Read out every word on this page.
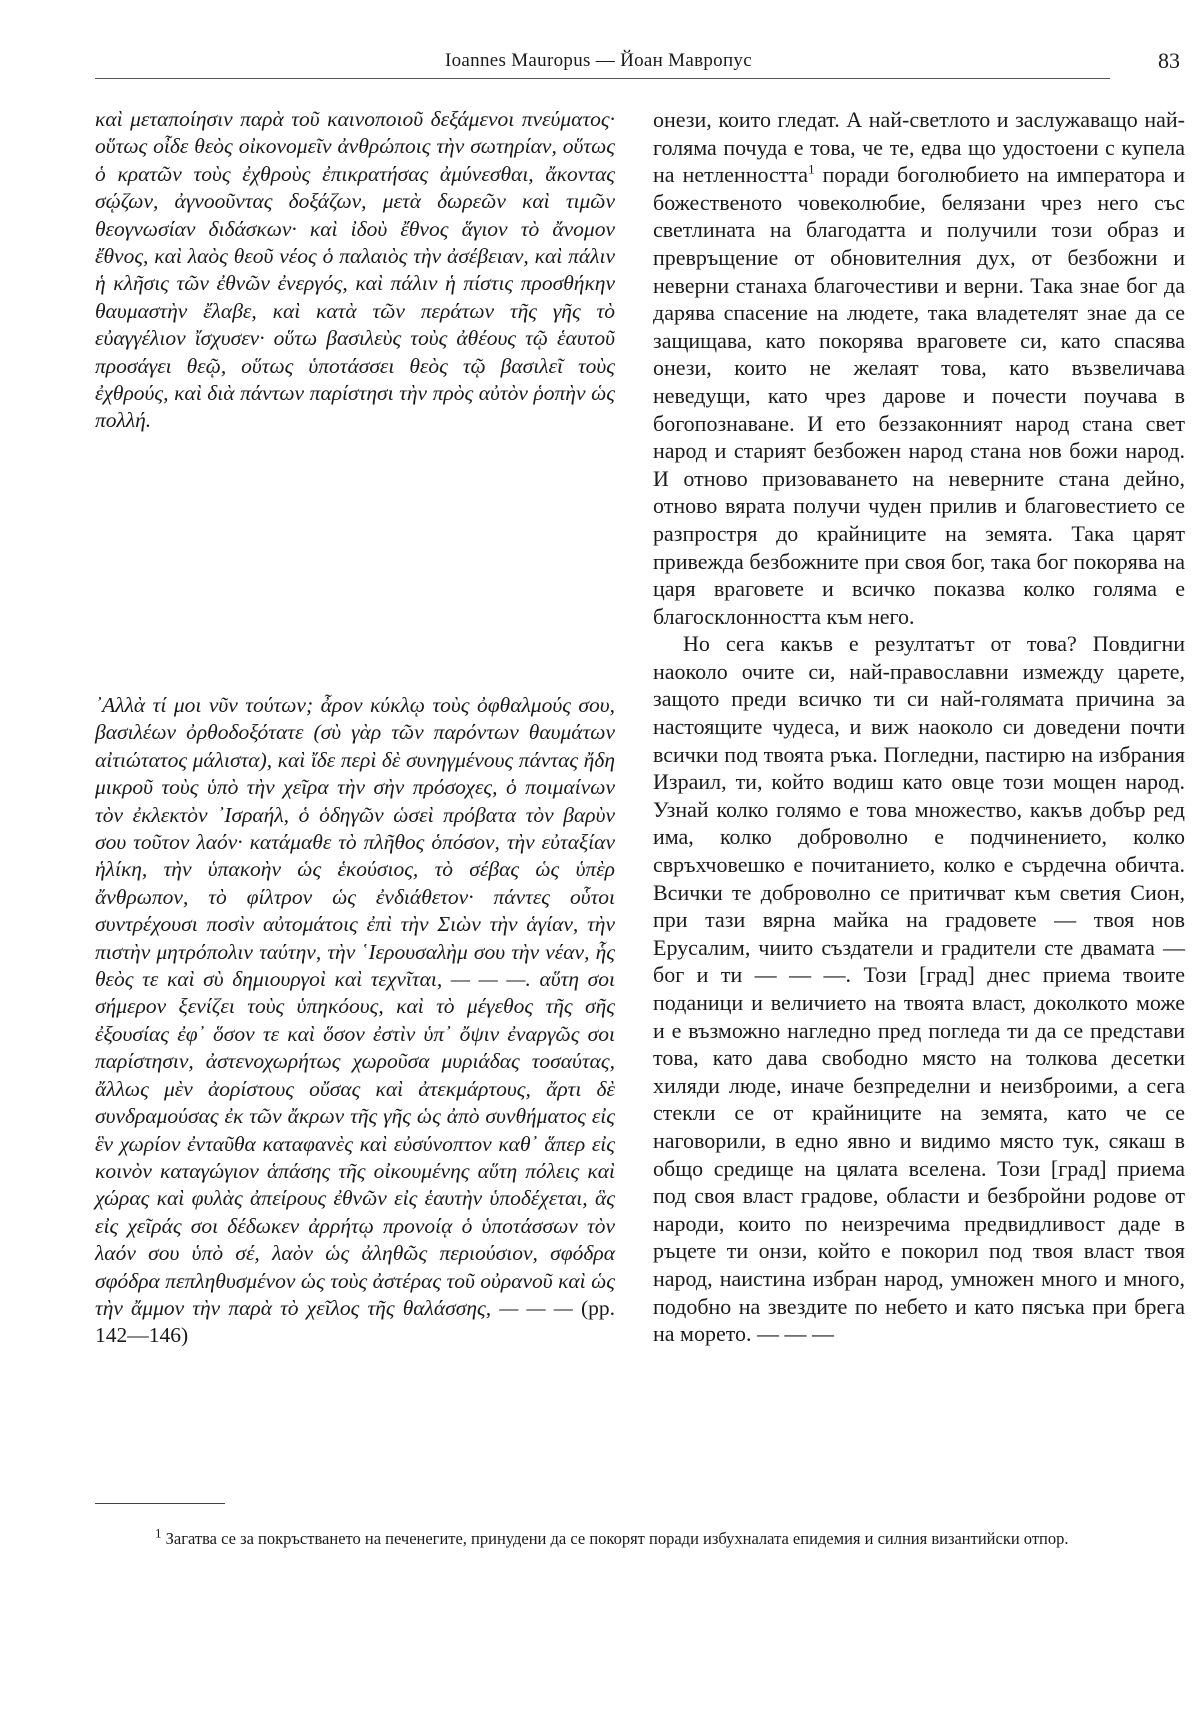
Ioannes Mauropus — Йоан Мавропус	83

καὶ μεταποίησιν παρὰ τοῦ καινοποιοῦ δεξάμενοι πνεύματος· οὕτως οἶδε θεὸς οἰκονομεῖν ἀνθρώποις τὴν σωτηρίαν, οὕτως ὁ κρατῶν τοὺς ἐχθροὺς ἐπικρατήσας ἀμύνεσθαι, ἄκοντας σῴζων, ἀγνοοῦντας δοξάζων, μετὰ δωρεῶν καὶ τιμῶν θεογνωσίαν διδάσκων· καὶ ἰδοὺ ἔθνος ἅγιον τὸ ἄνομον ἔθνος, καὶ λαὸς θεοῦ νέος ὁ παλαιὸς τὴν ἀσέβειαν, καὶ πάλιν ἡ κλῆσις τῶν ἐθνῶν ἐνεργός, καὶ πάλιν ἡ πίστις προσθήκην θαυμαστὴν ἔλαβε, καὶ κατὰ τῶν περάτων τῆς γῆς τὸ εὐαγγέλιον ἴσχυσεν· οὕτω βασιλεὺς τοὺς ἀθέους τῷ ἑαυτοῦ προσάγει θεῷ, οὕτως ὑποτάσσει θεὸς τῷ βασιλεῖ τοὺς ἐχθρούς, καὶ διὰ πάντων παρίστησι τὴν πρὸς αὐτὸν ῥοπὴν ὡς πολλή.

᾿Αλλὰ τί μοι νῦν τούτων; ἆρον κύκλῳ τοὺς ὀφθαλμούς σου, βασιλέων ὀρθοδοξότατε (σὺ γὰρ τῶν παρόντων θαυμάτων αἰτιώτατος μάλιστα), καὶ ἴδε περὶ δὲ συνηγμένους πάντας ἤδη μικροῦ τοὺς ὑπὸ τὴν χεῖρα τὴν σὴν πρόσοχες, ὁ ποιμαίνων τὸν ἐκλεκτὸν ᾿Ισραήλ, ὁ ὁδηγῶν ὡσεὶ πρόβατα τὸν βαρὺν σου τοῦτον λαόν· κατάμαθε τὸ πλῆθος ὁπόσον, τὴν εὐταξίαν ἡλίκη, τὴν ὑπακοὴν ὡς ἑκούσιος, τὸ σέβας ὡς ὑπὲρ ἄνθρωπον, τὸ φίλτρον ὡς ἐνδιάθετον· πάντες οὗτοι συντρέχουσι ποσὶν αὐτομάτοις ἐπὶ τὴν Σιὼν τὴν ἁγίαν, τὴν πιστὴν μητρόπολιν ταύτην, τὴν ῾Ιερουσαλὴμ σου τὴν νέαν, ἧς θεὸς τε καὶ σὺ δημιουργοὶ καὶ τεχνῖται, — — —. αὕτη σοι σήμερον ξενίζει τοὺς ὑπηκόους, καὶ τὸ μέγεθος τῆς σῆς ἐξουσίας ἐφ᾿ ὅσον τε καὶ ὅσον ἐστὶν ὑπ᾿ ὄψιν ἐναργῶς σοι παρίστησιν, ἀστενοχωρήτως χωροῦσα μυριάδας τοσαύτας, ἄλλως μὲν ἀορίστους οὔσας καὶ ἀτεκμάρτους, ἄρτι δὲ συνδραμούσας ἐκ τῶν ἄκρων τῆς γῆς ὡς ἀπὸ συνθήματος εἰς ἓν χωρίον ἐνταῦθα καταφανὲς καὶ εὐσύνοπτον καθ᾿ ἅπερ εἰς κοινὸν καταγώγιον ἁπάσης τῆς οἰκουμένης αὕτη πόλεις καὶ χώρας καὶ φυλὰς ἀπείρους ἐθνῶν εἰς ἑαυτὴν ὑποδέχεται, ἃς εἰς χεῖράς σοι δέδωκεν ἀρρήτῳ προνοίᾳ ὁ ὑποτάσσων τὸν λαόν σου ὑπὸ σέ, λαὸν ὡς ἀληθῶς περιούσιον, σφόδρα σφόδρα πεπληθυσμένον ὡς τοὺς ἀστέρας τοῦ οὐρανοῦ καὶ ὡς τὴν ἄμμον τὴν παρὰ τὸ χεῖλος τῆς θαλάσσης, — — — (pp. 142—146)

онези, които гледат. А най-светлото и заслужаващо най-голяма почуда е това, че те, едва що удостоени с купела на нетленността$^1$ поради боголюбието на императора и божественото човеколюбие, белязани чрез него със светлината на благодатта и получили този образ и превръщение от обновителния дух, от безбожни и неверни станаха благочестиви и верни. Така знае бог да дарява спасение на людете, така владетелят знае да се защищава, като покорява враговете си, като спасява онези, които не желаят това, като възвеличава неведущи, като чрез дарове и почести поучава в богопознаване. И ето беззаконният народ стана свет народ и старият безбожен народ стана нов божи народ. И отново призоваването на неверните стана дейно, отново вярата получи чуден прилив и благовестието се разпростря до крайниците на земята. Така царят привежда безбожните при своя бог, така бог покорява на царя враговете и всичко показва колко голяма е благосклонността към него.

Но сега какъв е резултатът от това? Повдигни наоколо очите си, най-православни измежду царете, защото преди всичко ти си най-голямата причина за настоящите чудеса, и виж наоколо си доведени почти всички под твоята ръка. Погледни, пастирю на избрания Израил, ти, който водиш като овце този мощен народ. Узнай колко голямо е това множество, какъв добър ред има, колко доброволно е подчинението, колко свръхчовешко е почитанието, колко е сърдечна обичта. Всички те доброволно се притичват към светия Сион, при тази вярна майка на градовете — твоя нов Ерусалим, чиито създатели и градители сте двамата — бог и ти — — —. Този [град] днес приема твоите поданици и величието на твоята власт, доколкото може и е възможно нагледно пред погледа ти да се представи това, като дава свободно място на толкова десетки хиляди люде, иначе безпределни и неизброими, а сега стекли се от крайниците на земята, като че се наговорили, в едно явно и видимо място тук, сякаш в общо средище на цялата вселена. Този [град] приема под своя власт градове, области и безбройни родове от народи, които по неизречима предвидливост даде в ръцете ти онзи, който е покорил под твоя власт твоя народ, наистина избран народ, умножен много и много, подобно на звездите по небето и като пясъка при брега на морето. — — —

$^1$ Загатва се за покръстването на печенегите, принудени да се покорят поради избухналата епидемия и силния византийски отпор.
